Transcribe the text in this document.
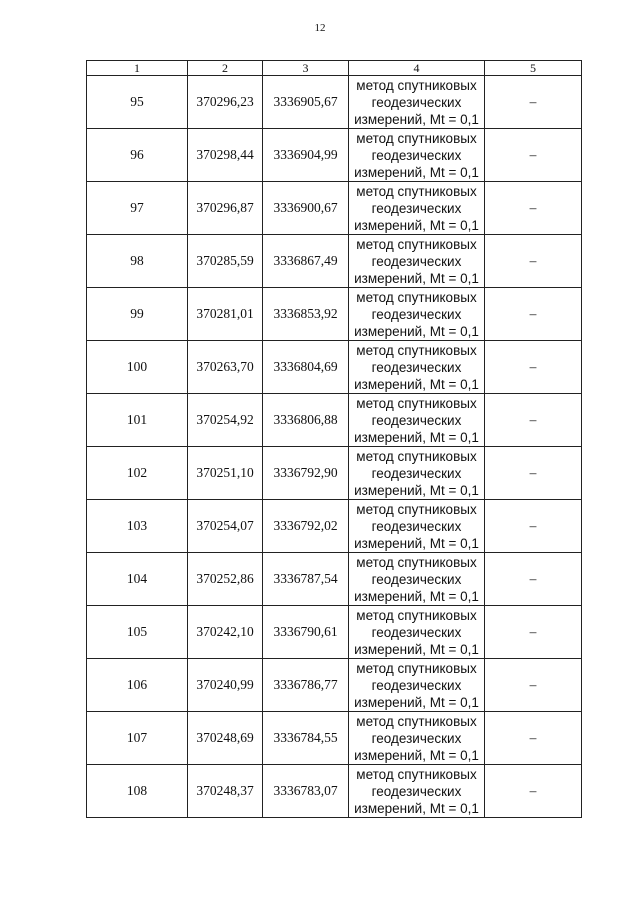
12
1	2	3	4	5
95	370296,23	3336905,67	метод спутниковых
геодезических
измерений, Mt = 0,1	–
96	370298,44	3336904,99	метод спутниковых
геодезических
измерений, Mt = 0,1	–
97	370296,87	3336900,67	метод спутниковых
геодезических
измерений, Mt = 0,1	–
98	370285,59	3336867,49	метод спутниковых
геодезических
измерений, Mt = 0,1	–
99	370281,01	3336853,92	метод спутниковых
геодезических
измерений, Mt = 0,1	–
100	370263,70	3336804,69	метод спутниковых
геодезических
измерений, Mt = 0,1	–
101	370254,92	3336806,88	метод спутниковых
геодезических
измерений, Mt = 0,1	–
102	370251,10	3336792,90	метод спутниковых
геодезических
измерений, Mt = 0,1	–
103	370254,07	3336792,02	метод спутниковых
геодезических
измерений, Mt = 0,1	–
104	370252,86	3336787,54	метод спутниковых
геодезических
измерений, Mt = 0,1	–
105	370242,10	3336790,61	метод спутниковых
геодезических
измерений, Mt = 0,1	–
106	370240,99	3336786,77	метод спутниковых
геодезических
измерений, Mt = 0,1	–
107	370248,69	3336784,55	метод спутниковых
геодезических
измерений, Mt = 0,1	–
108	370248,37	3336783,07	метод спутниковых
геодезических
измерений, Mt = 0,1	–
